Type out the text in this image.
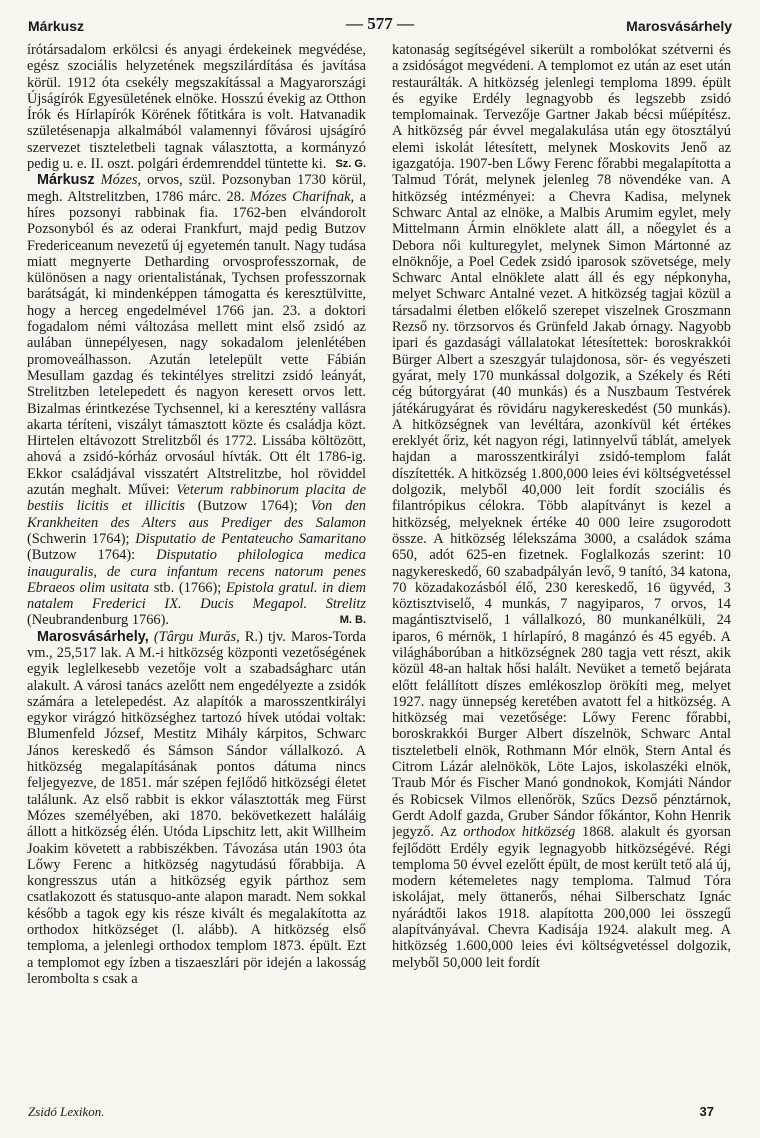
Márkusz	— 577 —	Marosvásárhely

írótársadalom erkölcsi és anyagi érdekeinek megvédése, egész szociális helyzetének megszilárdítása és javítása körül. 1912 óta csekély megszakítással a Magyarországi Újságírók Egyesületének elnöke. Hosszú évekig az Otthon Írók és Hírlapírók Körének főtitkára is volt. Hatvanadik születésenapja alkalmából valamennyi fővárosi ujságíró szervezet tiszteletbeli tagnak választotta, a kormányzó pedig u. e. II. oszt. polgári érdemrenddel tüntette ki. Sz. G.

Márkusz Mózes, orvos, szül. Pozsonyban 1730 körül, megh. Altstrelitzben, 1786 márc. 28. Mózes Charifnak, a híres pozsonyi rabbinak fia. 1762-ben elvándorolt Pozsonyból és az oderai Frankfurt, majd pedig Butzov Fredericeanum nevezetű új egyetemén tanult. Nagy tudása miatt megnyerte Detharding orvosprofesszornak, de különösen a nagy orientalistának, Tychsen professzornak barátságát, ki mindenképpen támogatta és keresztülvitte, hogy a herceg engedelmével 1766 jan. 23. a doktori fogadalom némi változása mellett mint első zsidó az aulában ünnepélyesen, nagy sokadalom jelenlétében promoveálhasson. Azután letelepült vette Fábián Mesullam gazdag és tekintélyes strelitzi zsidó leányát, Strelitzben letelepedett és nagyon keresett orvos lett. Bizalmas érintkezése Tychsennel, ki a keresztény vallásra akarta téríteni, viszályt támasztott közte és családja közt. Hirtelen eltávozott Strelitzből és 1772. Lissába költözött, ahová a zsidó-kórház orvosául hívták. Ott élt 1786-ig. Ekkor családjával visszatért Altstrelitzbe, hol röviddel azután meghalt. Művei: Veterum rabbinorum placita de bestiis licitis et illicitis (Butzow 1764); Von den Krankheiten des Alters aus Prediger des Salamon (Schwerin 1764); Disputatio de Pentateucho Samaritano (Butzow 1764): Disputatio philologica medica inauguralis, de cura infantum recens natorum penes Ebraeos olim usitata stb. (1766); Epistola gratul. in diem natalem Frederici IX. Ducis Megapol. Strelitz (Neubrandenburg 1766).	M. B.

Marosvásárhely, (Târgu Murăs, R.) tjv. Maros-Torda vm., 25,517 lak. A M.-i hitközség központi vezetőségének egyik leglelkesebb vezetője volt a szabadságharc után alakult. A városi tanács azelőtt nem engedélyezte a zsidók számára a letelepedést. Az alapítók a marosszentkirályi egykor virágzó hitközséghez tartozó hívek utódai voltak: Blumenfeld József, Mestitz Mihály kárpitos, Schwarc János kereskedő és Sámson Sándor vállalkozó. A hitközség megalapításának pontos dátuma nincs feljegyezve, de 1851. már szépen fejlődő hitközségi életet találunk. Az első rabbit is ekkor választották meg Fürst Mózes személyében, aki 1870. bekövetkezett haláláig állott a hitközség élén. Utóda Lipschitz lett, akit Willheim Joakim követett a rabbiszékben. Távozása után 1903 óta Lőwy Ferenc a hitközség nagytudású főrabbija. A kongresszus után a hitközség egyik párthoz sem csatlakozott és statusquo-ante alapon maradt. Nem sokkal később a tagok egy kis része kivált és megalakította az orthodox hitközséget (l. alább). A hitközség első temploma, a jelenlegi orthodox templom 1873. épült. Ezt a templomot egy ízben a tiszaeszlári pör idején a lakosság lerombolta s csak a

katonaság segítségével sikerült a rombolókat szétverni és a zsidóságot megvédeni. A templomot ez után az eset után restaurálták. A hitközség jelenlegi temploma 1899. épült és egyike Erdély legnagyobb és legszebb zsidó templomainak. Tervezője Gartner Jakab bécsi műépítész. A hitközség pár évvel megalakulása után egy ötosztályú elemi iskolát létesített, melynek Moskovits Jenő az igazgatója. 1907-ben Lőwy Ferenc főrabbi megalapította a Talmud Tórát, melynek jelenleg 78 növendéke van. A hitközség intézményei: a Chevra Kadisa, melynek Schwarc Antal az elnöke, a Malbis Arumim egylet, mely Mittelmann Ármin elnöklete alatt áll, a nőegylet és a Debora női kulturegylet, melynek Simon Mártonné az elnöknője, a Poel Cedek zsidó iparosok szövetsége, mely Schwarc Antal elnöklete alatt áll és egy népkonyha, melyet Schwarc Antalné vezet. A hitközség tagjai közül a társadalmi életben előkelő szerepet viszelnek Groszmann Rezső ny. törzsorvos és Grünfeld Jakab órnagy. Nagyobb ipari és gazdasági vállalatokat létesítettek: boroskrakkói Bürger Albert a szeszgyár tulajdonosa, sör- és vegyészeti gyárat, mely 170 munkással dolgozik, a Székely és Réti cég bútorgyárat (40 munkás) és a Nuszbaum Testvérek játékárugyárat és rövidáru nagykereskedést (50 munkás). A hitközségnek van levéltára, azonkívül két értékes ereklyét őriz, két nagyon régi, latinnyelvű táblát, amelyek hajdan a marosszentkirályi zsidó-templom falát díszítették. A hitközség 1.800,000 leies évi költségvetéssel dolgozik, melyből 40,000 leit fordít szociális és filantrópikus célokra. Több alapítványt is kezel a hitközség, melyeknek értéke 40 000 leire zsugorodott össze. A hitközség lélekszáma 3000, a családok száma 650, adót 625-en fizetnek. Foglalkozás szerint: 10 nagykereskedő, 60 szabadpályán levő, 9 tanító, 34 katona, 70 közadakozásból élő, 230 kereskedő, 16 ügyvéd, 3 köztisztviselő, 4 munkás, 7 nagyiparos, 7 orvos, 14 magántisztviselő, 1 vállalkozó, 80 munkanélküli, 24 iparos, 6 mérnök, 1 hírlapíró, 8 magánzó és 45 egyéb. A világháborúban a hitközségnek 280 tagja vett részt, akik közül 48-an haltak hősi halált. Nevüket a temető bejárata előtt felállított díszes emlékoszlop örökíti meg, melyet 1927. nagy ünnepség keretében avatott fel a hitközség. A hitközség mai vezetősége: Lőwy Ferenc főrabbi, boroskrakkói Burger Albert díszelnök, Schwarc Antal tiszteletbeli elnök, Rothmann Mór elnök, Stern Antal és Citrom Lázár alelnökök, Löte Lajos, iskolaszéki elnök, Traub Mór és Fischer Manó gondnokok, Komjáti Nándor és Robicsek Vilmos ellenőrök, Szűcs Dezső pénztárnok, Gerdt Adolf gazda, Gruber Sándor főkántor, Kohn Henrik jegyző. Az orthodox hitközség 1868. alakult és gyorsan fejlődött Erdély egyik legnagyobb hitközségévé. Régi temploma 50 évvel ezelőtt épült, de most került tető alá új, modern kétemeletes nagy temploma. Talmud Tóra iskolájat, mely öttanerős, néhai Silberschatz Ignác nyárádtői lakos 1918. alapította 200,000 lei összegű alapítványával. Chevra Kadisája 1924. alakult meg. A hitközség 1.600,000 leies évi költségvetéssel dolgozik, melyből 50,000 leit fordít

Zsidó Lexikon.	37
